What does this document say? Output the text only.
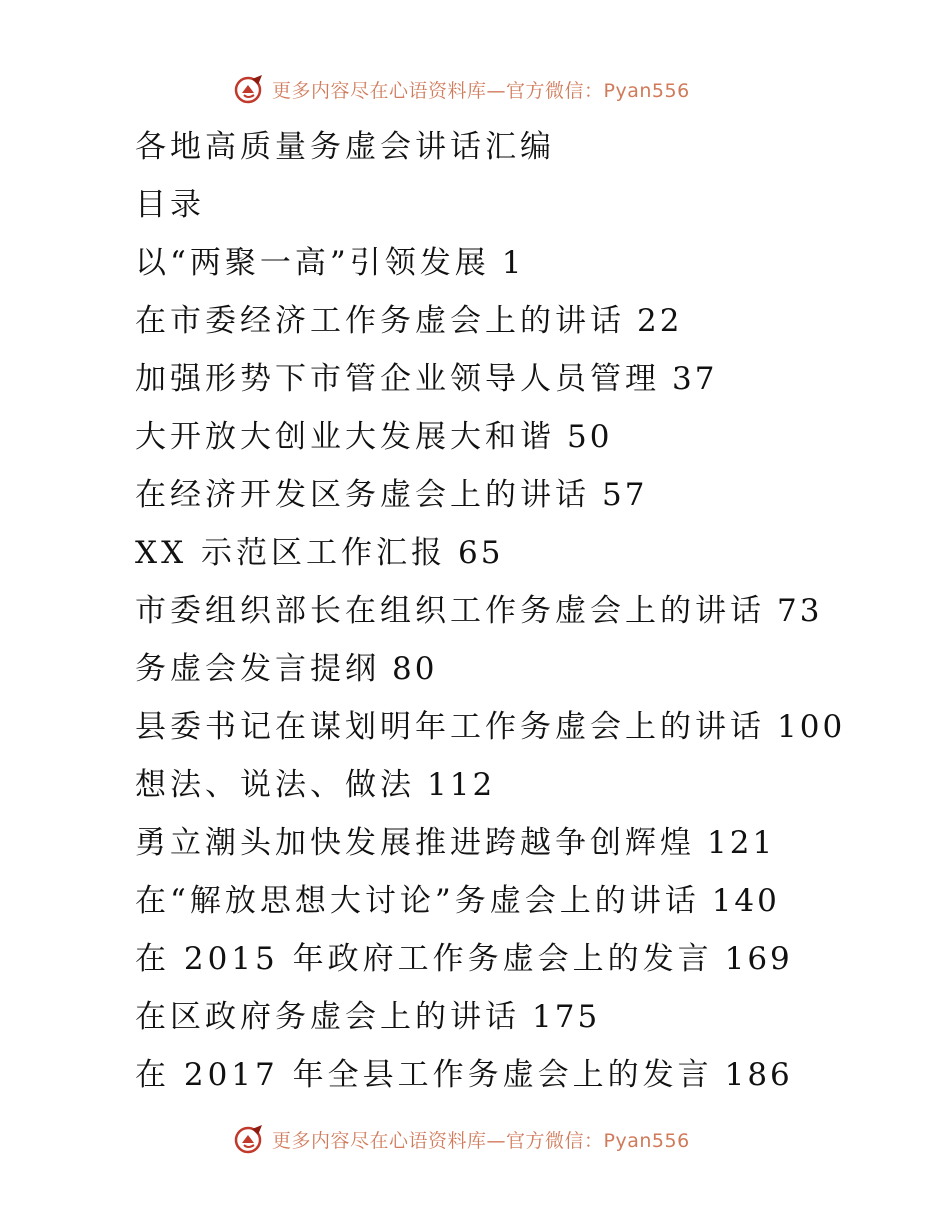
更多内容尽在心语资料库—官方微信：Pyan556
各地高质量务虚会讲话汇编
目录
以“两聚一高”引领发展 1
在市委经济工作务虚会上的讲话 22
加强形势下市管企业领导人员管理 37
大开放大创业大发展大和谐 50
在经济开发区务虚会上的讲话 57
XX 示范区工作汇报 65
市委组织部长在组织工作务虚会上的讲话 73
务虚会发言提纲 80
县委书记在谋划明年工作务虚会上的讲话 100
想法、说法、做法 112
勇立潮头加快发展推进跨越争创辉煌 121
在“解放思想大讨论”务虚会上的讲话 140
在 2015 年政府工作务虚会上的发言 169
在区政府务虚会上的讲话 175
在 2017 年全县工作务虚会上的发言 186
更多内容尽在心语资料库—官方微信：Pyan556
